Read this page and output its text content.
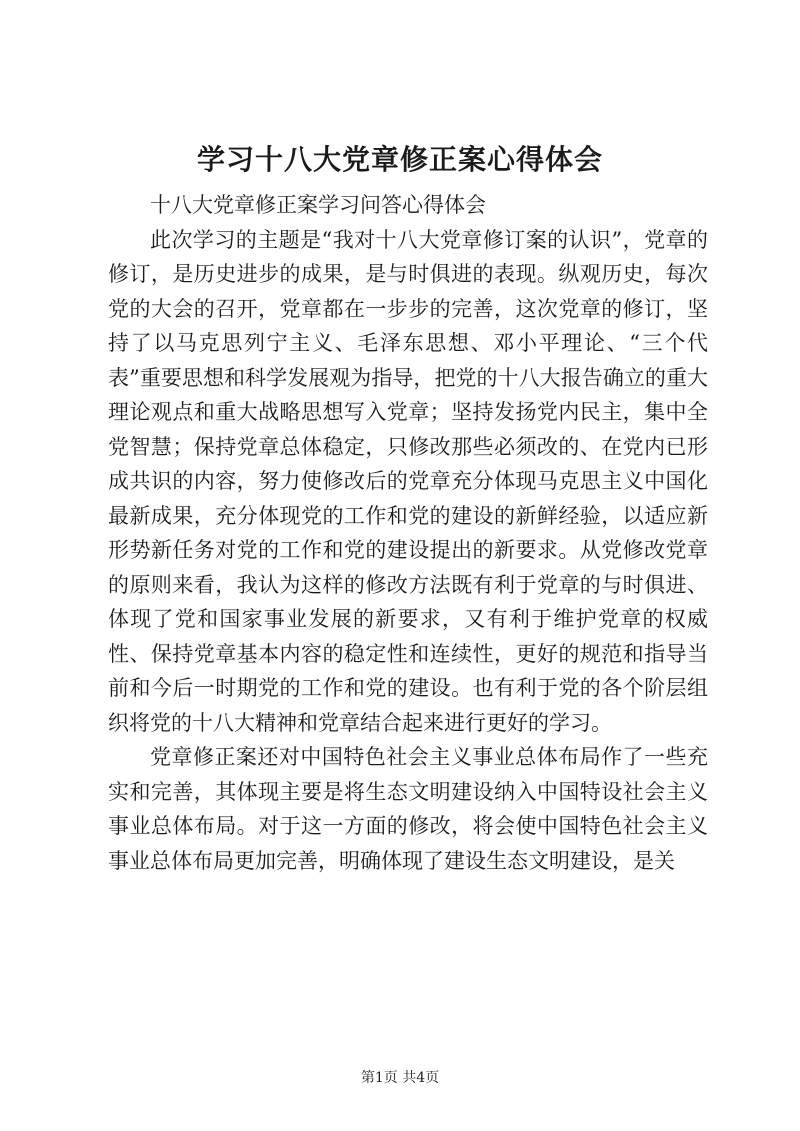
学习十八大党章修正案心得体会

十八大党章修正案学习问答心得体会

此次学习的主题是“我对十八大党章修订案的认识”，党章的修订，是历史进步的成果，是与时俱进的表现。纵观历史，每次党的大会的召开，党章都在一步步的完善，这次党章的修订，坚持了以马克思列宁主义、毛泽东思想、邓小平理论、“三个代表”重要思想和科学发展观为指导，把党的十八大报告确立的重大理论观点和重大战略思想写入党章；坚持发扬党内民主，集中全党智慧；保持党章总体稳定，只修改那些必须改的、在党内已形成共识的内容，努力使修改后的党章充分体现马克思主义中国化最新成果，充分体现党的工作和党的建设的新鲜经验，以适应新形势新任务对党的工作和党的建设提出的新要求。从党修改党章的原则来看，我认为这样的修改方法既有利于党章的与时俱进、体现了党和国家事业发展的新要求，又有利于维护党章的权威性、保持党章基本内容的稳定性和连续性，更好的规范和指导当前和今后一时期党的工作和党的建设。也有利于党的各个阶层组织将党的十八大精神和党章结合起来进行更好的学习。

党章修正案还对中国特色社会主义事业总体布局作了一些充实和完善，其体现主要是将生态文明建设纳入中国特设社会主义事业总体布局。对于这一方面的修改，将会使中国特色社会主义事业总体布局更加完善，明确体现了建设生态文明建设，是关

第1页 共4页
